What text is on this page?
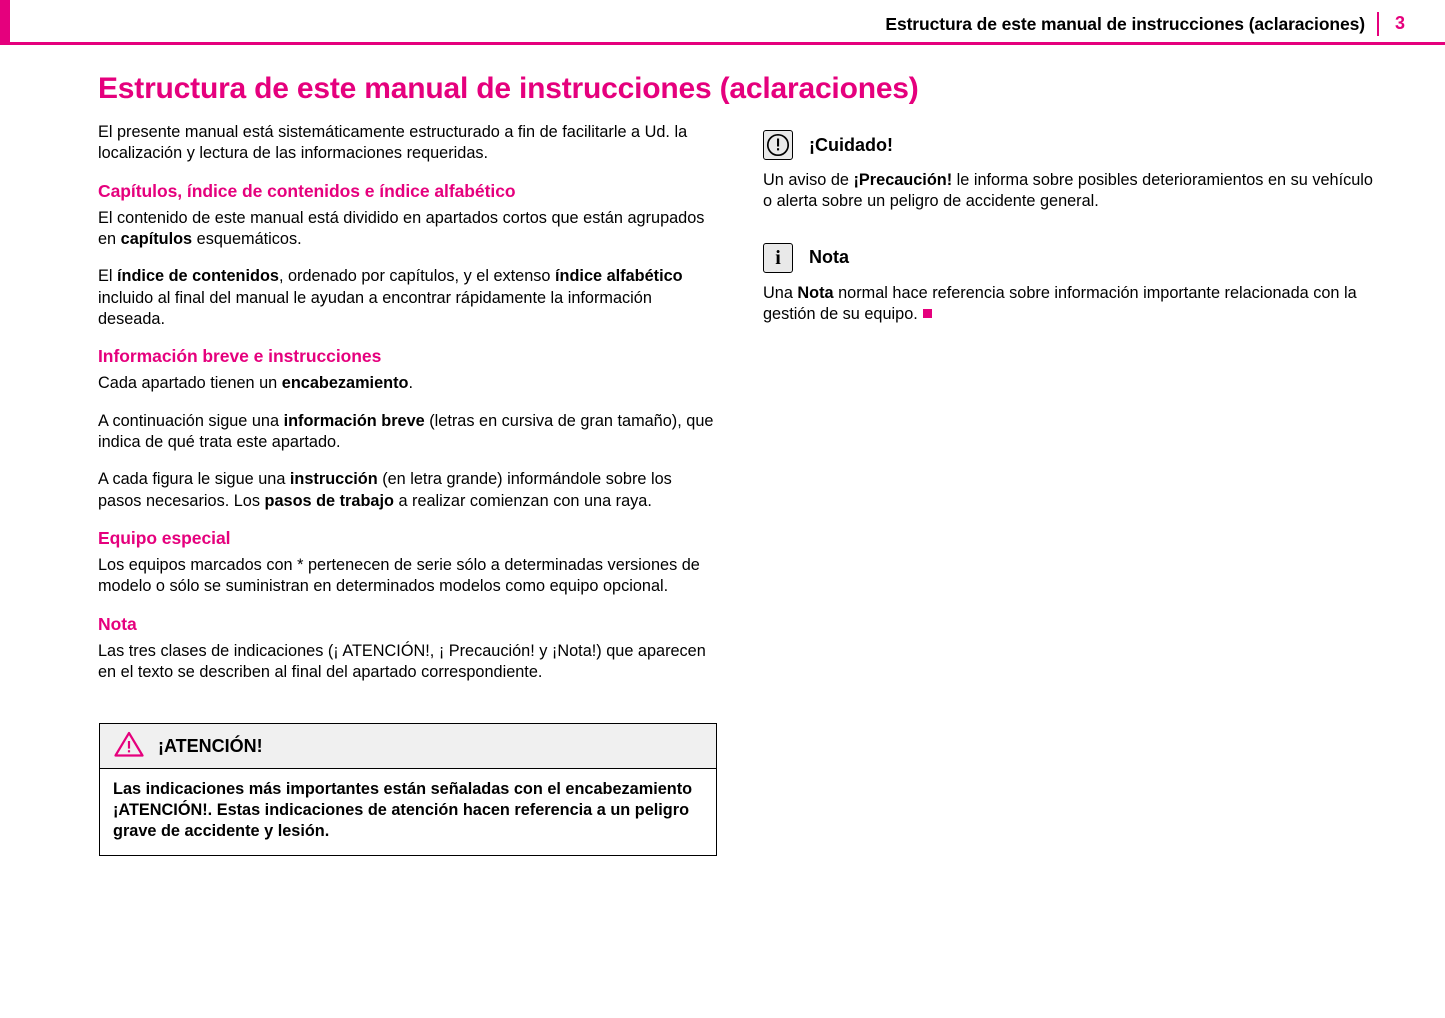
Estructura de este manual de instrucciones (aclaraciones) 3
Estructura de este manual de instrucciones (aclaraciones)

El presente manual está sistemáticamente estructurado a fin de facilitarle a Ud. la localización y lectura de las informaciones requeridas.

Capítulos, índice de contenidos e índice alfabético

El contenido de este manual está dividido en apartados cortos que están agrupados en capítulos esquemáticos.

El índice de contenidos, ordenado por capítulos, y el extenso índice alfabético incluido al final del manual le ayudan a encontrar rápidamente la información deseada.

Información breve e instrucciones

Cada apartado tienen un encabezamiento.

A continuación sigue una información breve (letras en cursiva de gran tamaño), que indica de qué trata este apartado.

A cada figura le sigue una instrucción (en letra grande) informándole sobre los pasos necesarios. Los pasos de trabajo a realizar comienzan con una raya.

Equipo especial

Los equipos marcados con * pertenecen de serie sólo a determinadas versiones de modelo o sólo se suministran en determinados modelos como equipo opcional.

Nota

Las tres clases de indicaciones (¡ ATENCIÓN!, ¡ Precaución! y ¡Nota!) que aparecen en el texto se describen al final del apartado correspondiente.

¡ATENCIÓN!
Las indicaciones más importantes están señaladas con el encabezamiento ¡ATENCIÓN!. Estas indicaciones de atención hacen referencia a un peligro grave de accidente y lesión.
¡Cuidado!

Un aviso de ¡Precaución! le informa sobre posibles deterioramientos en su vehículo o alerta sobre un peligro de accidente general.

i Nota

Una Nota normal hace referencia sobre información importante relacionada con la gestión de su equipo.
